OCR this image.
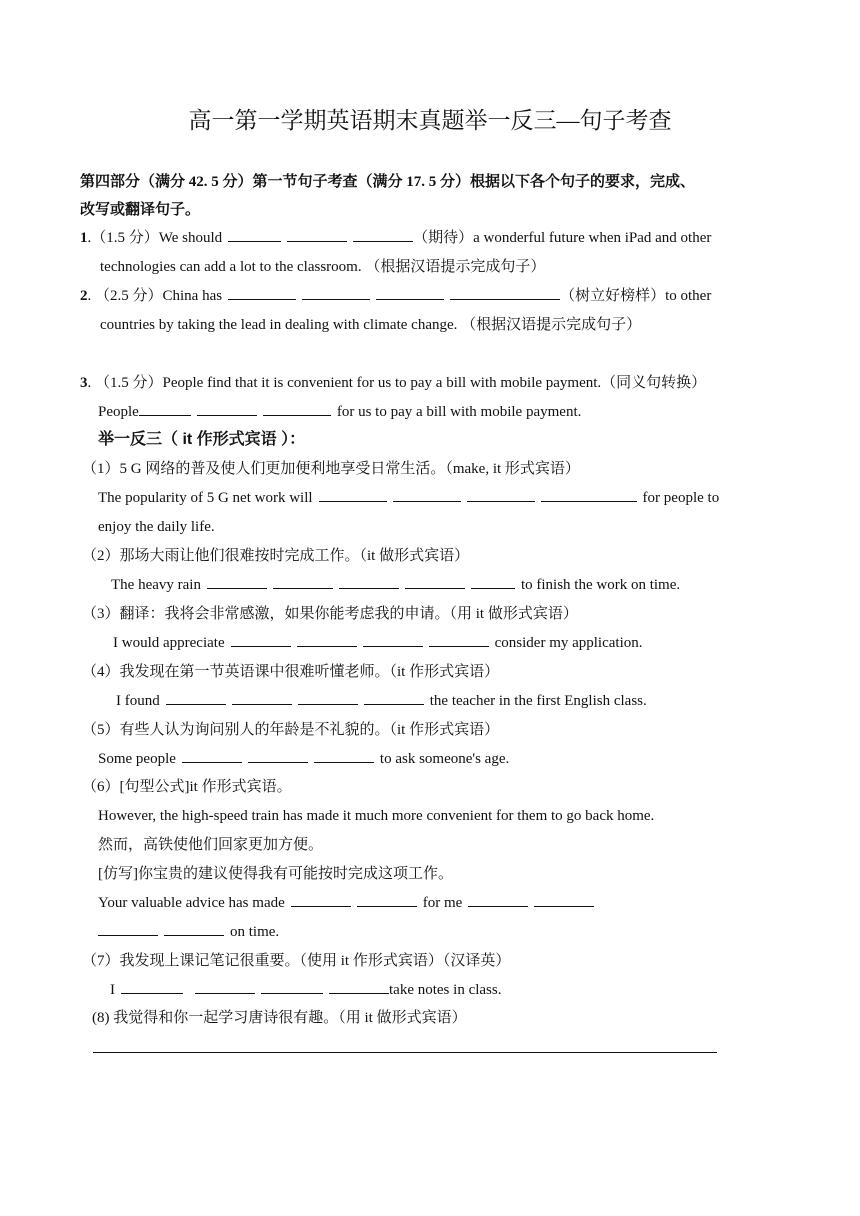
高一第一学期英语期末真题举一反三—句子考查
第四部分（满分 42. 5 分）第一节句子考查（满分 17. 5 分）根据以下各个句子的要求，完成、
改写或翻译句子。
1.（1.5 分）We should	（期待）a wonderful future when iPad and other
technologies can add a lot to the classroom. （根据汉语提示完成句子）
2. （2.5 分）China has	（树立好榜样）to other
countries by taking the lead in dealing with climate change. （根据汉语提示完成句子）
3. （1.5 分）People find that it is convenient for us to pay a bill with mobile payment.（同义句转换）
People	for us to pay a bill with mobile payment.
举一反三（ it 作形式宾语 ）：
（1）5 G 网络的普及使人们更加便利地享受日常生活。（make, it 形式宾语）
The popularity of 5 G net work will	for people to
enjoy the daily life.
（2）那场大雨让他们很难按时完成工作。（it 做形式宾语）
The heavy rain	to finish the work on time.
（3）翻译：我将会非常感激，如果你能考虑我的申请。（用 it 做形式宾语）
I would appreciate	consider my application.
（4）我发现在第一节英语课中很难听懂老师。（it 作形式宾语）
I found	the teacher in the first English class.
（5）有些人认为询问别人的年龄是不礼貌的。（it 作形式宾语）
Some people	to ask someone's age.
（6）[句型公式]it 作形式宾语。
However, the high-speed train has made it much more convenient for them to go back home.
然而，高铁使他们回家更加方便。
[仿写]你宝贵的建议使得我有可能按时完成这项工作。
Your valuable advice has made	for me
on time.
（7）我发现上课记笔记很重要。（使用 it 作形式宾语）（汉译英）
I	take notes in class.
(8) 我觉得和你一起学习唐诗很有趣。（用 it 做形式宾语）
